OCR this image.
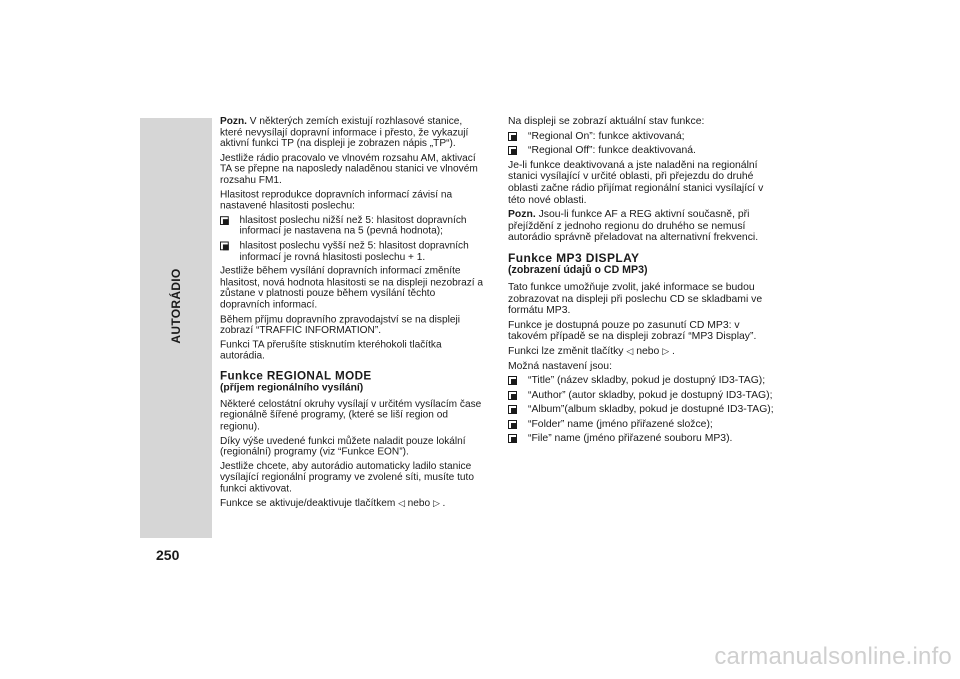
AUTORÁDIO
250

Pozn. V některých zemích existují rozhlasové stanice, které nevysílají dopravní informace i přesto, že vykazují aktivní funkci TP (na displeji je zobrazen nápis „TP“).

Jestliže rádio pracovalo ve vlnovém rozsahu AM, aktivací TA se přepne na naposledy naladěnou stanici ve vlnovém rozsahu FM1.

Hlasitost reprodukce dopravních informací závisí na nastavené hlasitosti poslechu:

hlasitost poslechu nižší než 5: hlasitost dopravních informací je nastavena na 5 (pevná hodnota);
hlasitost poslechu vyšší než 5: hlasitost dopravních informací je rovná hlasitosti poslechu + 1.

Jestliže během vysílání dopravních informací změníte hlasitost, nová hodnota hlasitosti se na displeji nezobrazí a zůstane v platnosti pouze během vysílání těchto dopravních informací.

Během příjmu dopravního zpravodajství se na displeji zobrazí “TRAFFIC INFORMATION”.

Funkci TA přerušíte stisknutím kteréhokoli tlačítka autorádia.

Funkce REGIONAL MODE
(příjem regionálního vysílání)

Některé celostátní okruhy vysílají v určitém vysílacím čase regionálně šířené programy, (které se liší region od regionu).

Díky výše uvedené funkci můžete naladit pouze lokální (regionální) programy (viz “Funkce EON”).

Jestliže chcete, aby autorádio automaticky ladilo stanice vysílající regionální programy ve zvolené síti, musíte tuto funkci aktivovat.

Funkce se aktivuje/deaktivuje tlačítkem ◁ nebo ▷ .

Na displeji se zobrazí aktuální stav funkce:

“Regional On”: funkce aktivovaná;
“Regional Off”: funkce deaktivovaná.

Je-li funkce deaktivovaná a jste naladěni na regionální stanici vysílající v určité oblasti, při přejezdu do druhé oblasti začne rádio přijímat regionální stanici vysílající v této nové oblasti.

Pozn. Jsou-li funkce AF a REG aktivní současně, při přejíždění z jednoho regionu do druhého se nemusí autorádio správně přeladovat na alternativní frekvenci.

Funkce MP3 DISPLAY
(zobrazení údajů o CD MP3)

Tato funkce umožňuje zvolit, jaké informace se budou zobrazovat na displeji při poslechu CD se skladbami ve formátu MP3.

Funkce je dostupná pouze po zasunutí CD MP3: v takovém případě se na displeji zobrazí “MP3 Display”.

Funkci lze změnit tlačítky ◁ nebo ▷ .

Možná nastavení jsou:

“Title” (název skladby, pokud je dostupný ID3-TAG);
“Author” (autor skladby, pokud je dostupný ID3-TAG);
“Album”(album skladby, pokud je dostupné ID3-TAG);
“Folder” name (jméno přiřazené složce);
“File” name (jméno přiřazené souboru MP3).
carmanualsonline.info
